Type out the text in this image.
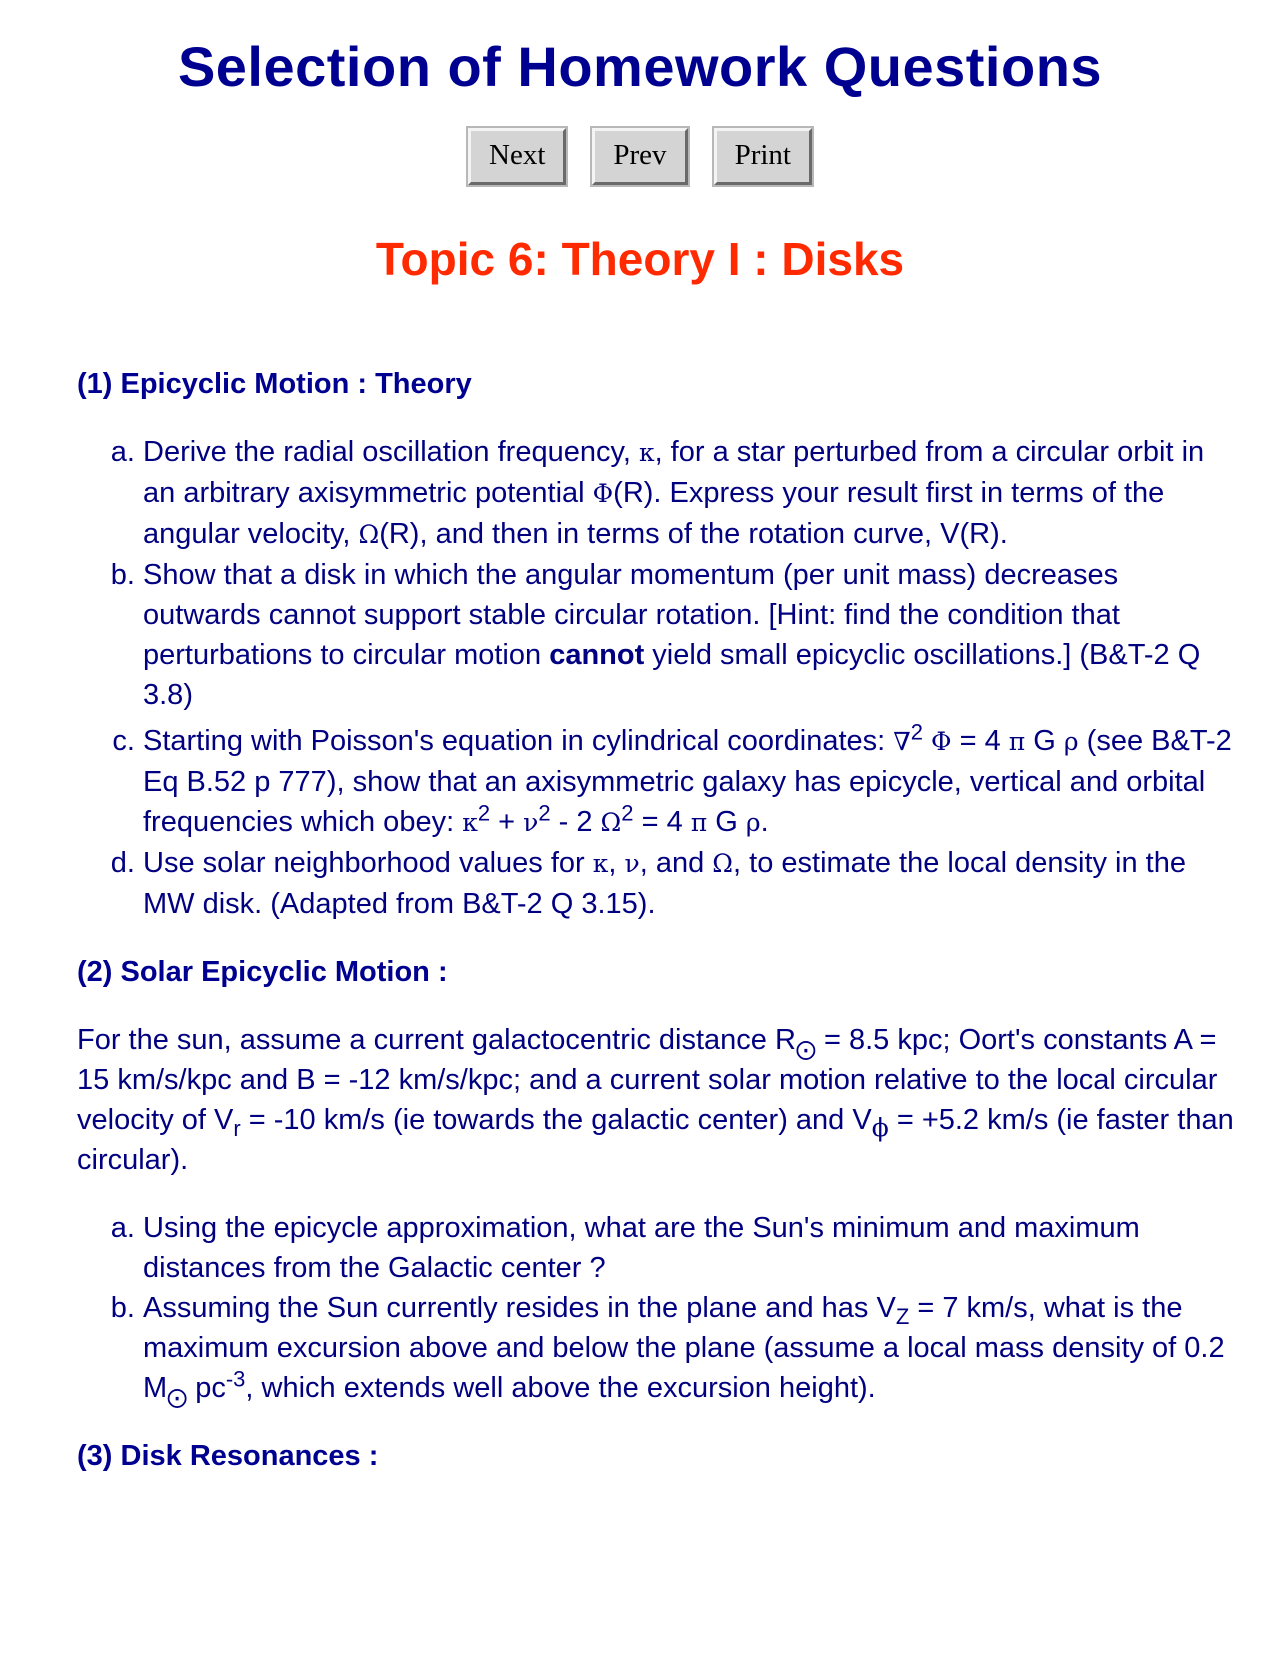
Selection of Homework Questions
Next	Prev	Print
Topic 6: Theory I : Disks
(1) Epicyclic Motion : Theory
a. Derive the radial oscillation frequency, κ, for a star perturbed from a circular orbit in an arbitrary axisymmetric potential Φ(R). Express your result first in terms of the angular velocity, Ω(R), and then in terms of the rotation curve, V(R).
b. Show that a disk in which the angular momentum (per unit mass) decreases outwards cannot support stable circular rotation. [Hint: find the condition that perturbations to circular motion cannot yield small epicyclic oscillations.] (B&T-2 Q 3.8)
c. Starting with Poisson's equation in cylindrical coordinates: ∇$^2$ Φ = 4 π G ρ (see B&T-2 Eq B.52 p 777), show that an axisymmetric galaxy has epicycle, vertical and orbital frequencies which obey: $\kappa^2 + \nu^2 - 2$ $\Omega^2 = 4$ π G ρ.
d. Use solar neighborhood values for κ, ν, and Ω, to estimate the local density in the MW disk. (Adapted from B&T-2 Q 3.15).
(2) Solar Epicyclic Motion :

For the sun, assume a current galactocentric distance $R_⨀ = 8.5$ kpc; Oort's constants A = 15 km/s/kpc and B = -12 km/s/kpc; and a current solar motion relative to the local circular velocity of $V_r = -10$ km/s (ie towards the galactic center) and $V_\phi = +5.2$ km/s (ie faster than circular).

a. Using the epicycle approximation, what are the Sun's minimum and maximum distances from the Galactic center ?
b. Assuming the Sun currently resides in the plane and has $V_Z = 7$ km/s, what is the maximum excursion above and below the plane (assume a local mass density of 0.2 $M_⨀$ $pc^{-3}$, which extends well above the excursion height).
(3) Disk Resonances :
